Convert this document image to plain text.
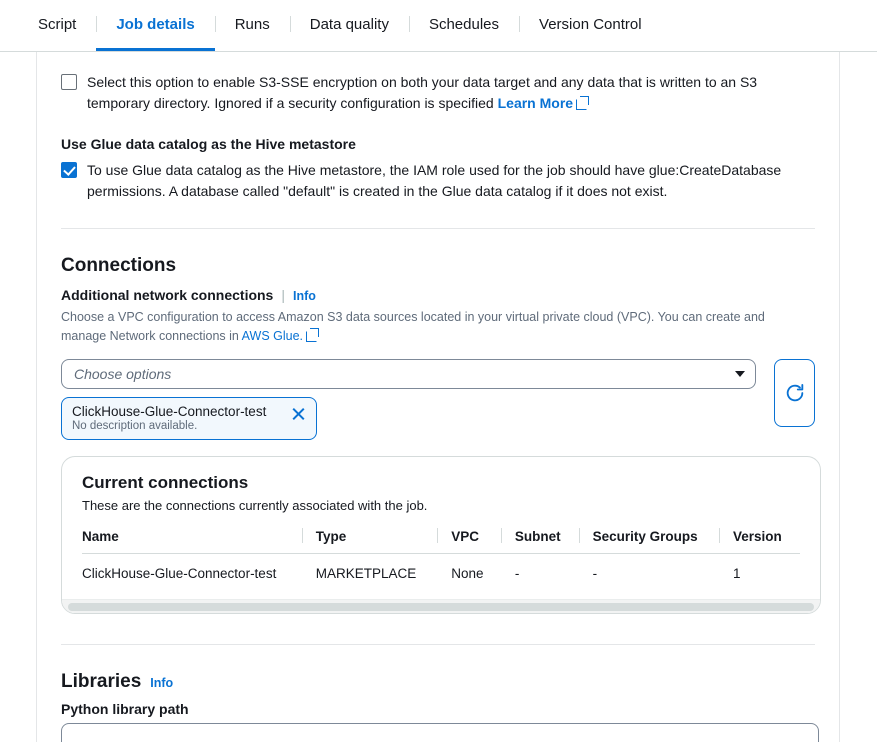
Script	Job details	Runs	Data quality	Schedules	Version Control
Select this option to enable S3-SSE encryption on both your data target and any data that is written to an S3 temporary directory. Ignored if a security configuration is specified Learn More
Use Glue data catalog as the Hive metastore
To use Glue data catalog as the Hive metastore, the IAM role used for the job should have glue:CreateDatabase permissions. A database called "default" is created in the Glue data catalog if it does not exist.
Connections
Additional network connections | Info
Choose a VPC configuration to access Amazon S3 data sources located in your virtual private cloud (VPC). You can create and manage Network connections in AWS Glue.
Choose options
ClickHouse-Glue-Connector-test
No description available.
Current connections
These are the connections currently associated with the job.
Name	Type	VPC	Subnet	Security Groups	Version
ClickHouse-Glue-Connector-test	MARKETPLACE	None	-	-	1
Libraries Info
Python library path
